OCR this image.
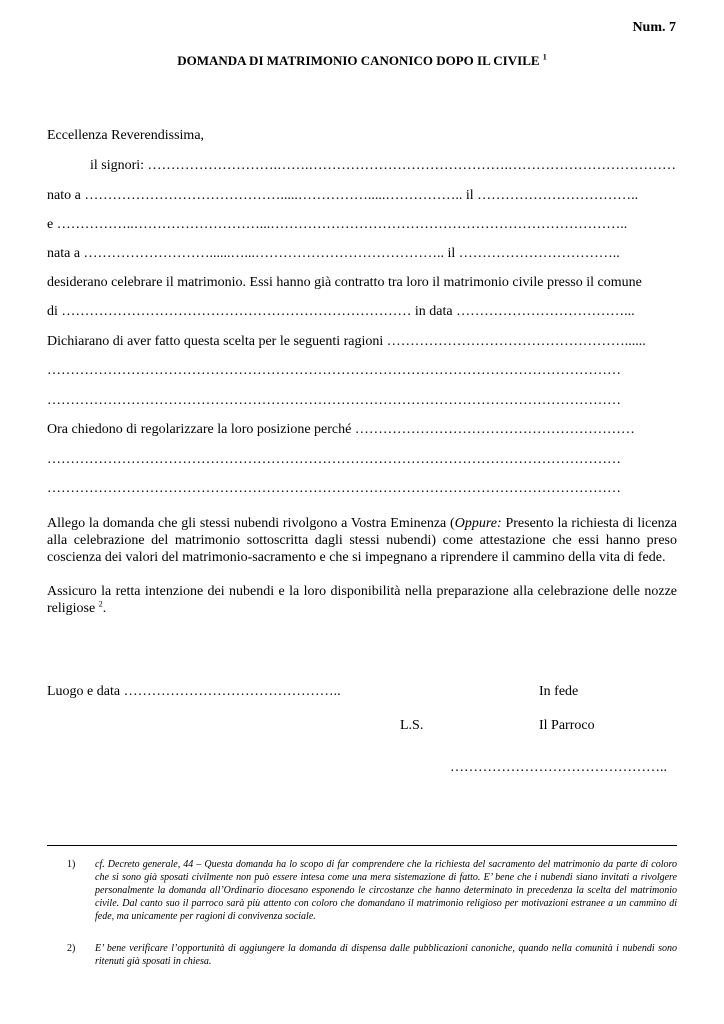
Num. 7
DOMANDA DI MATRIMONIO CANONICO DOPO IL CIVILE $^1$
Eccellenza Reverendissima,
il signori: ……………………….…….…………………………………….………………………………
nato a …………………………………….....…………….....…………….. il ……………………………..
e ……………..………………………...…………………………………………………………………..
nata a ………………………......…...………………………………….. il ……………………………..
desiderano celebrare il matrimonio. Essi hanno già contratto tra loro il matrimonio civile presso il comune
di ………………………………………………………………… in data ………………………………...
Dichiarano di aver fatto questa scelta per le seguenti ragioni ……………………………………………......
……………………………………………………………………………………………………………
……………………………………………………………………………………………………………
Ora chiedono di regolarizzare la loro posizione perché ……………………………………………………
……………………………………………………………………………………………………………
……………………………………………………………………………………………………………
Allego la domanda che gli stessi nubendi rivolgono a Vostra Eminenza (Oppure: Presento la richiesta di licenza alla celebrazione del matrimonio sottoscritta dagli stessi nubendi) come attestazione che essi hanno preso coscienza dei valori del matrimonio-sacramento e che si impegnano a riprendere il cammino della vita di fede.
Assicuro la retta intenzione dei nubendi e la loro disponibilità nella preparazione alla celebrazione delle nozze religiose $^2$.
Luogo e data ………………………………………..	In fede
L.S.	Il Parroco
………………………………………..
1) cf. Decreto generale, 44 – Questa domanda ha lo scopo di far comprendere che la richiesta del sacramento del matrimonio da parte di coloro che si sono già sposati civilmente non può essere intesa come una mera sistemazione di fatto. E’ bene che i nubendi siano invitati a rivolgere personalmente la domanda all’Ordinario diocesano esponendo le circostanze che hanno determinato in precedenza la scelta del matrimonio civile. Dal canto suo il parroco sarà più attento con coloro che domandano il matrimonio religioso per motivazioni estranee a un cammino di fede, ma unicamente per ragioni di convivenza sociale.
2) E’ bene verificare l’opportunità di aggiungere la domanda di dispensa dalle pubblicazioni canoniche, quando nella comunità i nubendi sono ritenuti già sposati in chiesa.
